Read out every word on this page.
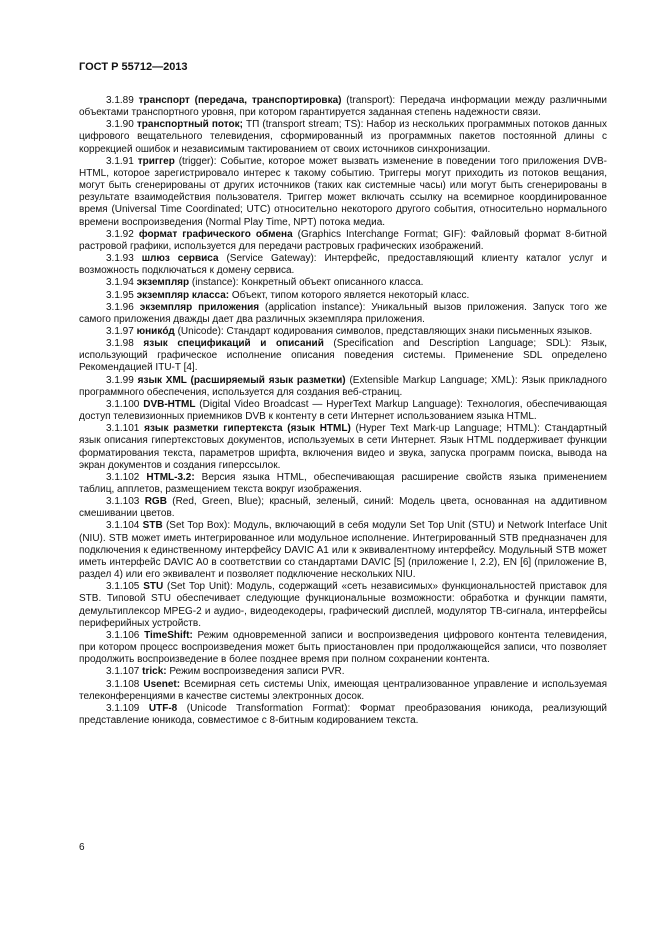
ГОСТ Р 55712—2013

3.1.89 транспорт (передача, транспортировка) (transport): Передача информации между различными объектами транспортного уровня, при котором гарантируется заданная степень надежности связи.

3.1.90 транспортный поток; ТП (transport stream; TS): Набор из нескольких программных потоков данных цифрового вещательного телевидения, сформированный из программных пакетов постоянной длины с коррекцией ошибок и независимым тактированием от своих источников синхронизации.

3.1.91 триггер (trigger): Событие, которое может вызвать изменение в поведении того приложения DVB-HTML, которое зарегистрировало интерес к такому событию. Триггеры могут приходить из потоков вещания, могут быть сгенерированы от других источников (таких как системные часы) или могут быть сгенерированы в результате взаимодействия пользователя. Триггер может включать ссылку на всемирное координированное время (Universal Time Coordinated; UTC) относительно некоторого другого события, относительно нормального времени воспроизведения (Normal Play Time, NPT) потока медиа.

3.1.92 формат графического обмена (Graphics Interchange Format; GIF): Файловый формат 8-битной растровой графики, используется для передачи растровых графических изображений.

3.1.93 шлюз сервиса (Service Gateway): Интерфейс, предоставляющий клиенту каталог услуг и возможность подключаться к домену сервиса.

3.1.94 экземпляр (instance): Конкретный объект описанного класса.

3.1.95 экземпляр класса: Объект, типом которого является некоторый класс.

3.1.96 экземпляр приложения (application instance): Уникальный вызов приложения. Запуск того же самого приложения дважды дает два различных экземпляра приложения.

3.1.97 юникóд (Unicode): Стандарт кодирования символов, представляющих знаки письменных языков.

3.1.98 язык спецификаций и описаний (Specification and Description Language; SDL): Язык, использующий графическое исполнение описания поведения системы. Применение SDL определено Рекомендацией ITU-T [4].

3.1.99 язык XML (расширяемый язык разметки) (Extensible Markup Language; XML): Язык прикладного программного обеспечения, используется для создания веб-страниц.

3.1.100 DVB-HTML (Digital Video Broadcast — HyperText Markup Language): Технология, обеспечивающая доступ телевизионных приемников DVB к контенту в сети Интернет использованием языка HTML.

3.1.101 язык разметки гипертекста (язык HTML) (Hyper Text Mark-up Language; HTML): Стандартный язык описания гипертекстовых документов, используемых в сети Интернет. Язык HTML поддерживает функции форматирования текста, параметров шрифта, включения видео и звука, запуска программ поиска, вывода на экран документов и создания гиперссылок.

3.1.102 HTML-3.2: Версия языка HTML, обеспечивающая расширение свойств языка применением таблиц, апплетов, размещением текста вокруг изображения.

3.1.103 RGB (Red, Green, Blue); красный, зеленый, синий: Модель цвета, основанная на аддитивном смешивании цветов.

3.1.104 STB (Set Top Box): Модуль, включающий в себя модули Set Top Unit (STU) и Network Interface Unit (NIU). STB может иметь интегрированное или модульное исполнение. Интегрированный STB предназначен для подключения к единственному интерфейсу DAVIC A1 или к эквивалентному интерфейсу. Модульный STB может иметь интерфейс DAVIC A0 в соответствии со стандартами DAVIC [5] (приложение I, 2.2), EN [6] (приложение B, раздел 4) или его эквивалент и позволяет подключение нескольких NIU.

3.1.105 STU (Set Top Unit): Модуль, содержащий «сеть независимых» функциональностей приставок для STB. Типовой STU обеспечивает следующие функциональные возможности: обработка и функции памяти, демультиплексор MPEG-2 и аудио-, видеодекодеры, графический дисплей, модулятор ТВ-сигнала, интерфейсы периферийных устройств.

3.1.106 TimeShift: Режим одновременной записи и воспроизведения цифрового контента телевидения, при котором процесс воспроизведения может быть приостановлен при продолжающейся записи, что позволяет продолжить воспроизведение в более позднее время при полном сохранении контента.

3.1.107 trick: Режим воспроизведения записи PVR.

3.1.108 Usenet: Всемирная сеть системы Unix, имеющая централизованное управление и используемая телеконференциями в качестве системы электронных досок.

3.1.109 UTF-8 (Unicode Transformation Format): Формат преобразования юникода, реализующий представление юникода, совместимое с 8-битным кодированием текста.

6
